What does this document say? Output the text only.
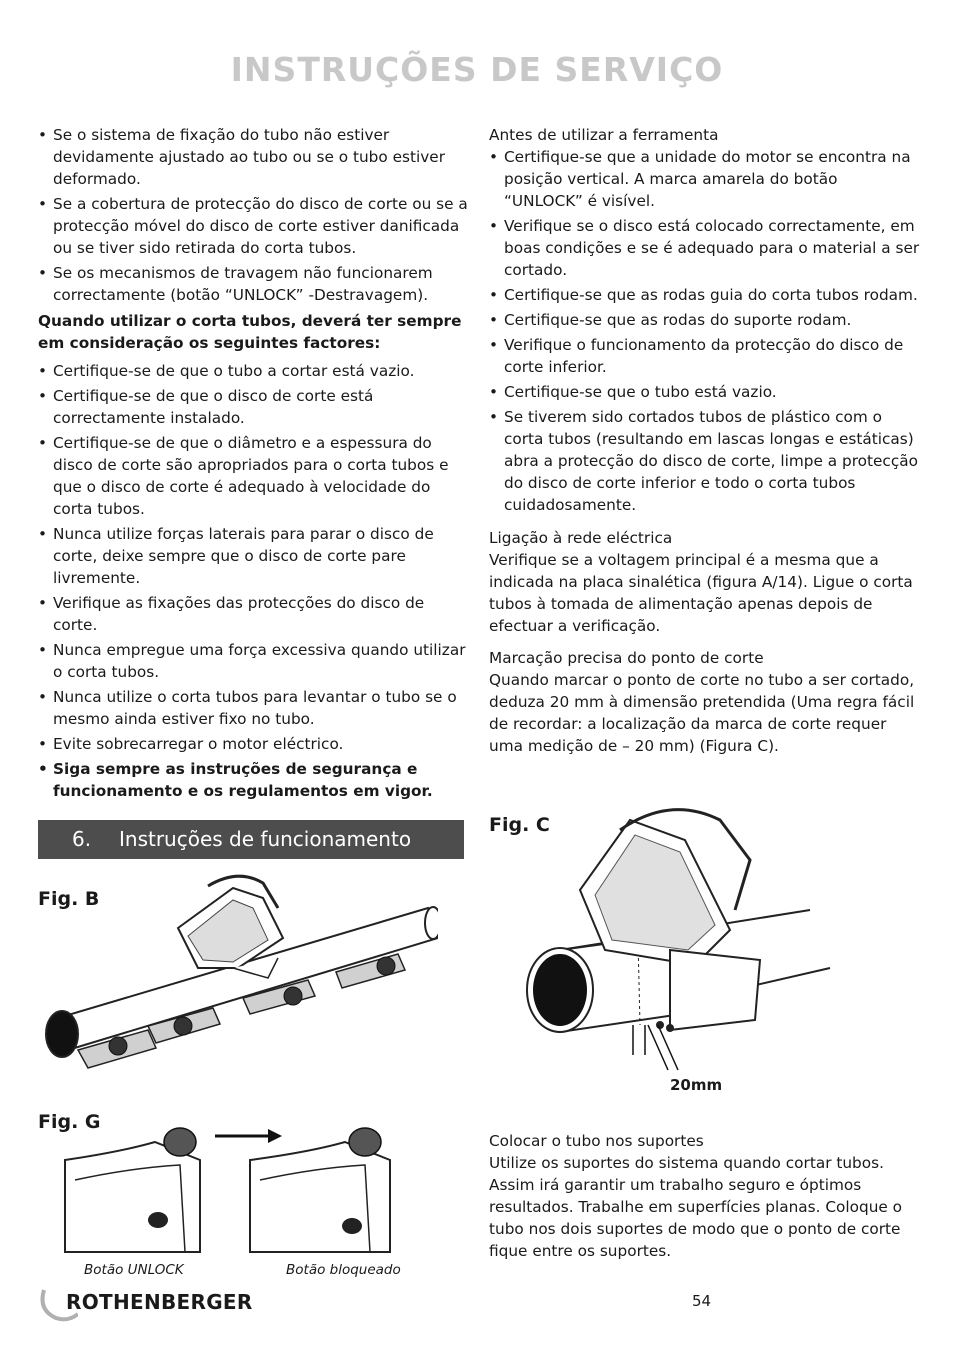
INSTRUÇÕES DE SERVIÇO
• Se o sistema de fixação do tubo não estiver devidamente ajustado ao tubo ou se o tubo estiver deformado.
• Se a cobertura de protecção do disco de corte ou se a protecção móvel do disco de corte estiver danificada ou se tiver sido retirada do corta tubos.
• Se os mecanismos de travagem não funcionarem correctamente (botão “UNLOCK” -Destravagem).
Quando utilizar o corta tubos, deverá ter sempre em consideração os seguintes factores:
• Certifique-se de que o tubo a cortar está vazio.
• Certifique-se de que o disco de corte está correctamente instalado.
• Certifique-se de que o diâmetro e a espessura do disco de corte são apropriados para o corta tubos e que o disco de corte é adequado à velocidade do corta tubos.
• Nunca utilize forças laterais para parar o disco de corte, deixe sempre que o disco de corte pare livremente.
• Verifique as fixações das protecções do disco de corte.
• Nunca empregue uma força excessiva quando utilizar o corta tubos.
• Nunca utilize o corta tubos para levantar o tubo se o mesmo ainda estiver fixo no tubo.
• Evite sobrecarregar o motor eléctrico.
• Siga sempre as instruções de segurança e funcionamento e os regulamentos em vigor.
6. Instruções de funcionamento
Fig. B
Fig. G
Botão UNLOCK	Botão bloqueado
Antes de utilizar a ferramenta
• Certifique-se que a unidade do motor se encontra na posição vertical. A marca amarela do botão “UNLOCK” é visível.
• Verifique se o disco está colocado correctamente, em boas condições e se é adequado para o material a ser cortado.
• Certifique-se que as rodas guia do corta tubos rodam.
• Certifique-se que as rodas do suporte rodam.
• Verifique o funcionamento da protecção do disco de corte inferior.
• Certifique-se que o tubo está vazio.
• Se tiverem sido cortados tubos de plástico com o corta tubos (resultando em lascas longas e estáticas) abra a protecção do disco de corte, limpe a protecção do disco de corte inferior e todo o corta tubos cuidadosamente.
Ligação à rede eléctrica
Verifique se a voltagem principal é a mesma que a indicada na placa sinalética (figura A/14). Ligue o corta tubos à tomada de alimentação apenas depois de efectuar a verificação.
Marcação precisa do ponto de corte
Quando marcar o ponto de corte no tubo a ser cortado, deduza 20 mm à dimensão pretendida (Uma regra fácil de recordar: a localização da marca de corte requer uma medição de – 20 mm) (Figura C).
Fig. C
20mm
Colocar o tubo nos suportes
Utilize os suportes do sistema quando cortar tubos. Assim irá garantir um trabalho seguro e óptimos resultados. Trabalhe em superfícies planas. Coloque o tubo nos dois suportes de modo que o ponto de corte fique entre os suportes.
ROTHENBERGER	54
